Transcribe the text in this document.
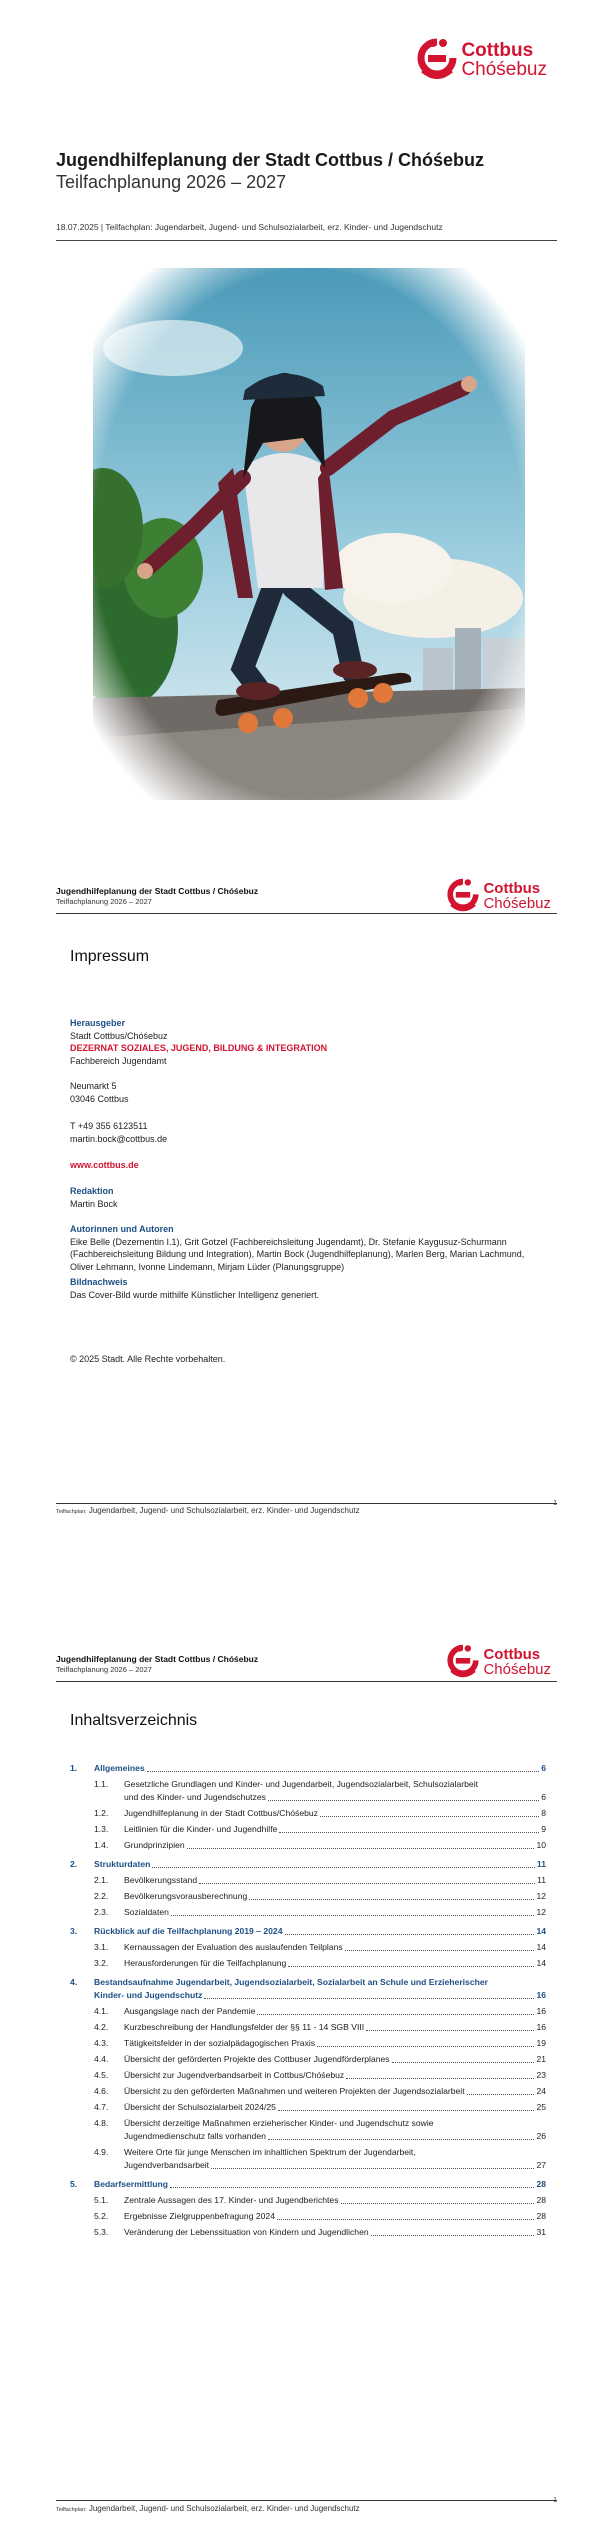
Cottbus
Chóśebuz
Jugendhilfeplanung der Stadt Cottbus / Chóśebuz
Teilfachplanung 2026 – 2027
18.07.2025 | Teilfachplan: Jugendarbeit, Jugend- und Schulsozialarbeit, erz. Kinder- und Jugendschutz
Jugendhilfeplanung der Stadt Cottbus / Chóśebuz
Teilfachplanung 2026 – 2027
Cottbus
Chóśebuz
Impressum
Herausgeber
Stadt Cottbus/Chóśebuz
DEZERNAT SOZIALES, JUGEND, BILDUNG & INTEGRATION
Fachbereich Jugendamt
Neumarkt 5
03046 Cottbus
T +49 355 6123511
martin.bock@cottbus.de
www.cottbus.de
Redaktion
Martin Bock
Autorinnen und Autoren
Eike Belle (Dezernentin I.1), Grit Gotzel (Fachbereichsleitung Jugendamt), Dr. Stefanie Kaygusuz-Schurmann (Fachbereichsleitung Bildung und Integration), Martin Bock (Jugendhilfeplanung), Marlen Berg, Marian Lachmund, Oliver Lehmann, Ivonne Lindemann, Mirjam Lüder (Planungsgruppe)
Bildnachweis
Das Cover-Bild wurde mithilfe Künstlicher Intelligenz generiert.
© 2025 Stadt. Alle Rechte vorbehalten.
Teilfachplan: Jugendarbeit, Jugend- und Schulsozialarbeit, erz. Kinder- und Jugendschutz
1
Jugendhilfeplanung der Stadt Cottbus / Chóśebuz
Teilfachplanung 2026 – 2027
Cottbus
Chóśebuz
Inhaltsverzeichnis
1.	Allgemeines	6
1.1.	Gesetzliche Grundlagen und Kinder- und Jugendarbeit, Jugendsozialarbeit, Schulsozialarbeit
und des Kinder- und Jugendschutzes	6
1.2.	Jugendhilfeplanung in der Stadt Cottbus/Chóśebuz	8
1.3.	Leitlinien für die Kinder- und Jugendhilfe	9
1.4.	Grundprinzipien	10
2.	Strukturdaten	11
2.1.	Bevölkerungsstand	11
2.2.	Bevölkerungsvorausberechnung	12
2.3.	Sozialdaten	12
3.	Rückblick auf die Teilfachplanung 2019 – 2024	14
3.1.	Kernaussagen der Evaluation des auslaufenden Teilplans	14
3.2.	Herausforderungen für die Teilfachplanung	14
4.	Bestandsaufnahme Jugendarbeit, Jugendsozialarbeit, Sozialarbeit an Schule und Erzieherischer
Kinder- und Jugendschutz	16
4.1.	Ausgangslage nach der Pandemie	16
4.2.	Kurzbeschreibung der Handlungsfelder der §§ 11 - 14 SGB VIII	16
4.3.	Tätigkeitsfelder in der sozialpädagogischen Praxis	19
4.4.	Übersicht der geförderten Projekte des Cottbuser Jugendförderplanes	21
4.5.	Übersicht zur Jugendverbandsarbeit in Cottbus/Chóśebuz	23
4.6.	Übersicht zu den geförderten Maßnahmen und weiteren Projekten der Jugendsozialarbeit	24
4.7.	Übersicht der Schulsozialarbeit 2024/25	25
4.8.	Übersicht derzeitige Maßnahmen erzieherischer Kinder- und Jugendschutz sowie
Jugendmedienschutz falls vorhanden	26
4.9.	Weitere Orte für junge Menschen im inhaltlichen Spektrum der Jugendarbeit,
Jugendverbandsarbeit	27
5.	Bedarfsermittlung	28
5.1.	Zentrale Aussagen des 17. Kinder- und Jugendberichtes	28
5.2.	Ergebnisse Zielgruppenbefragung 2024	28
5.3.	Veränderung der Lebenssituation von Kindern und Jugendlichen	31
Teilfachplan: Jugendarbeit, Jugend- und Schulsozialarbeit, erz. Kinder- und Jugendschutz
1
